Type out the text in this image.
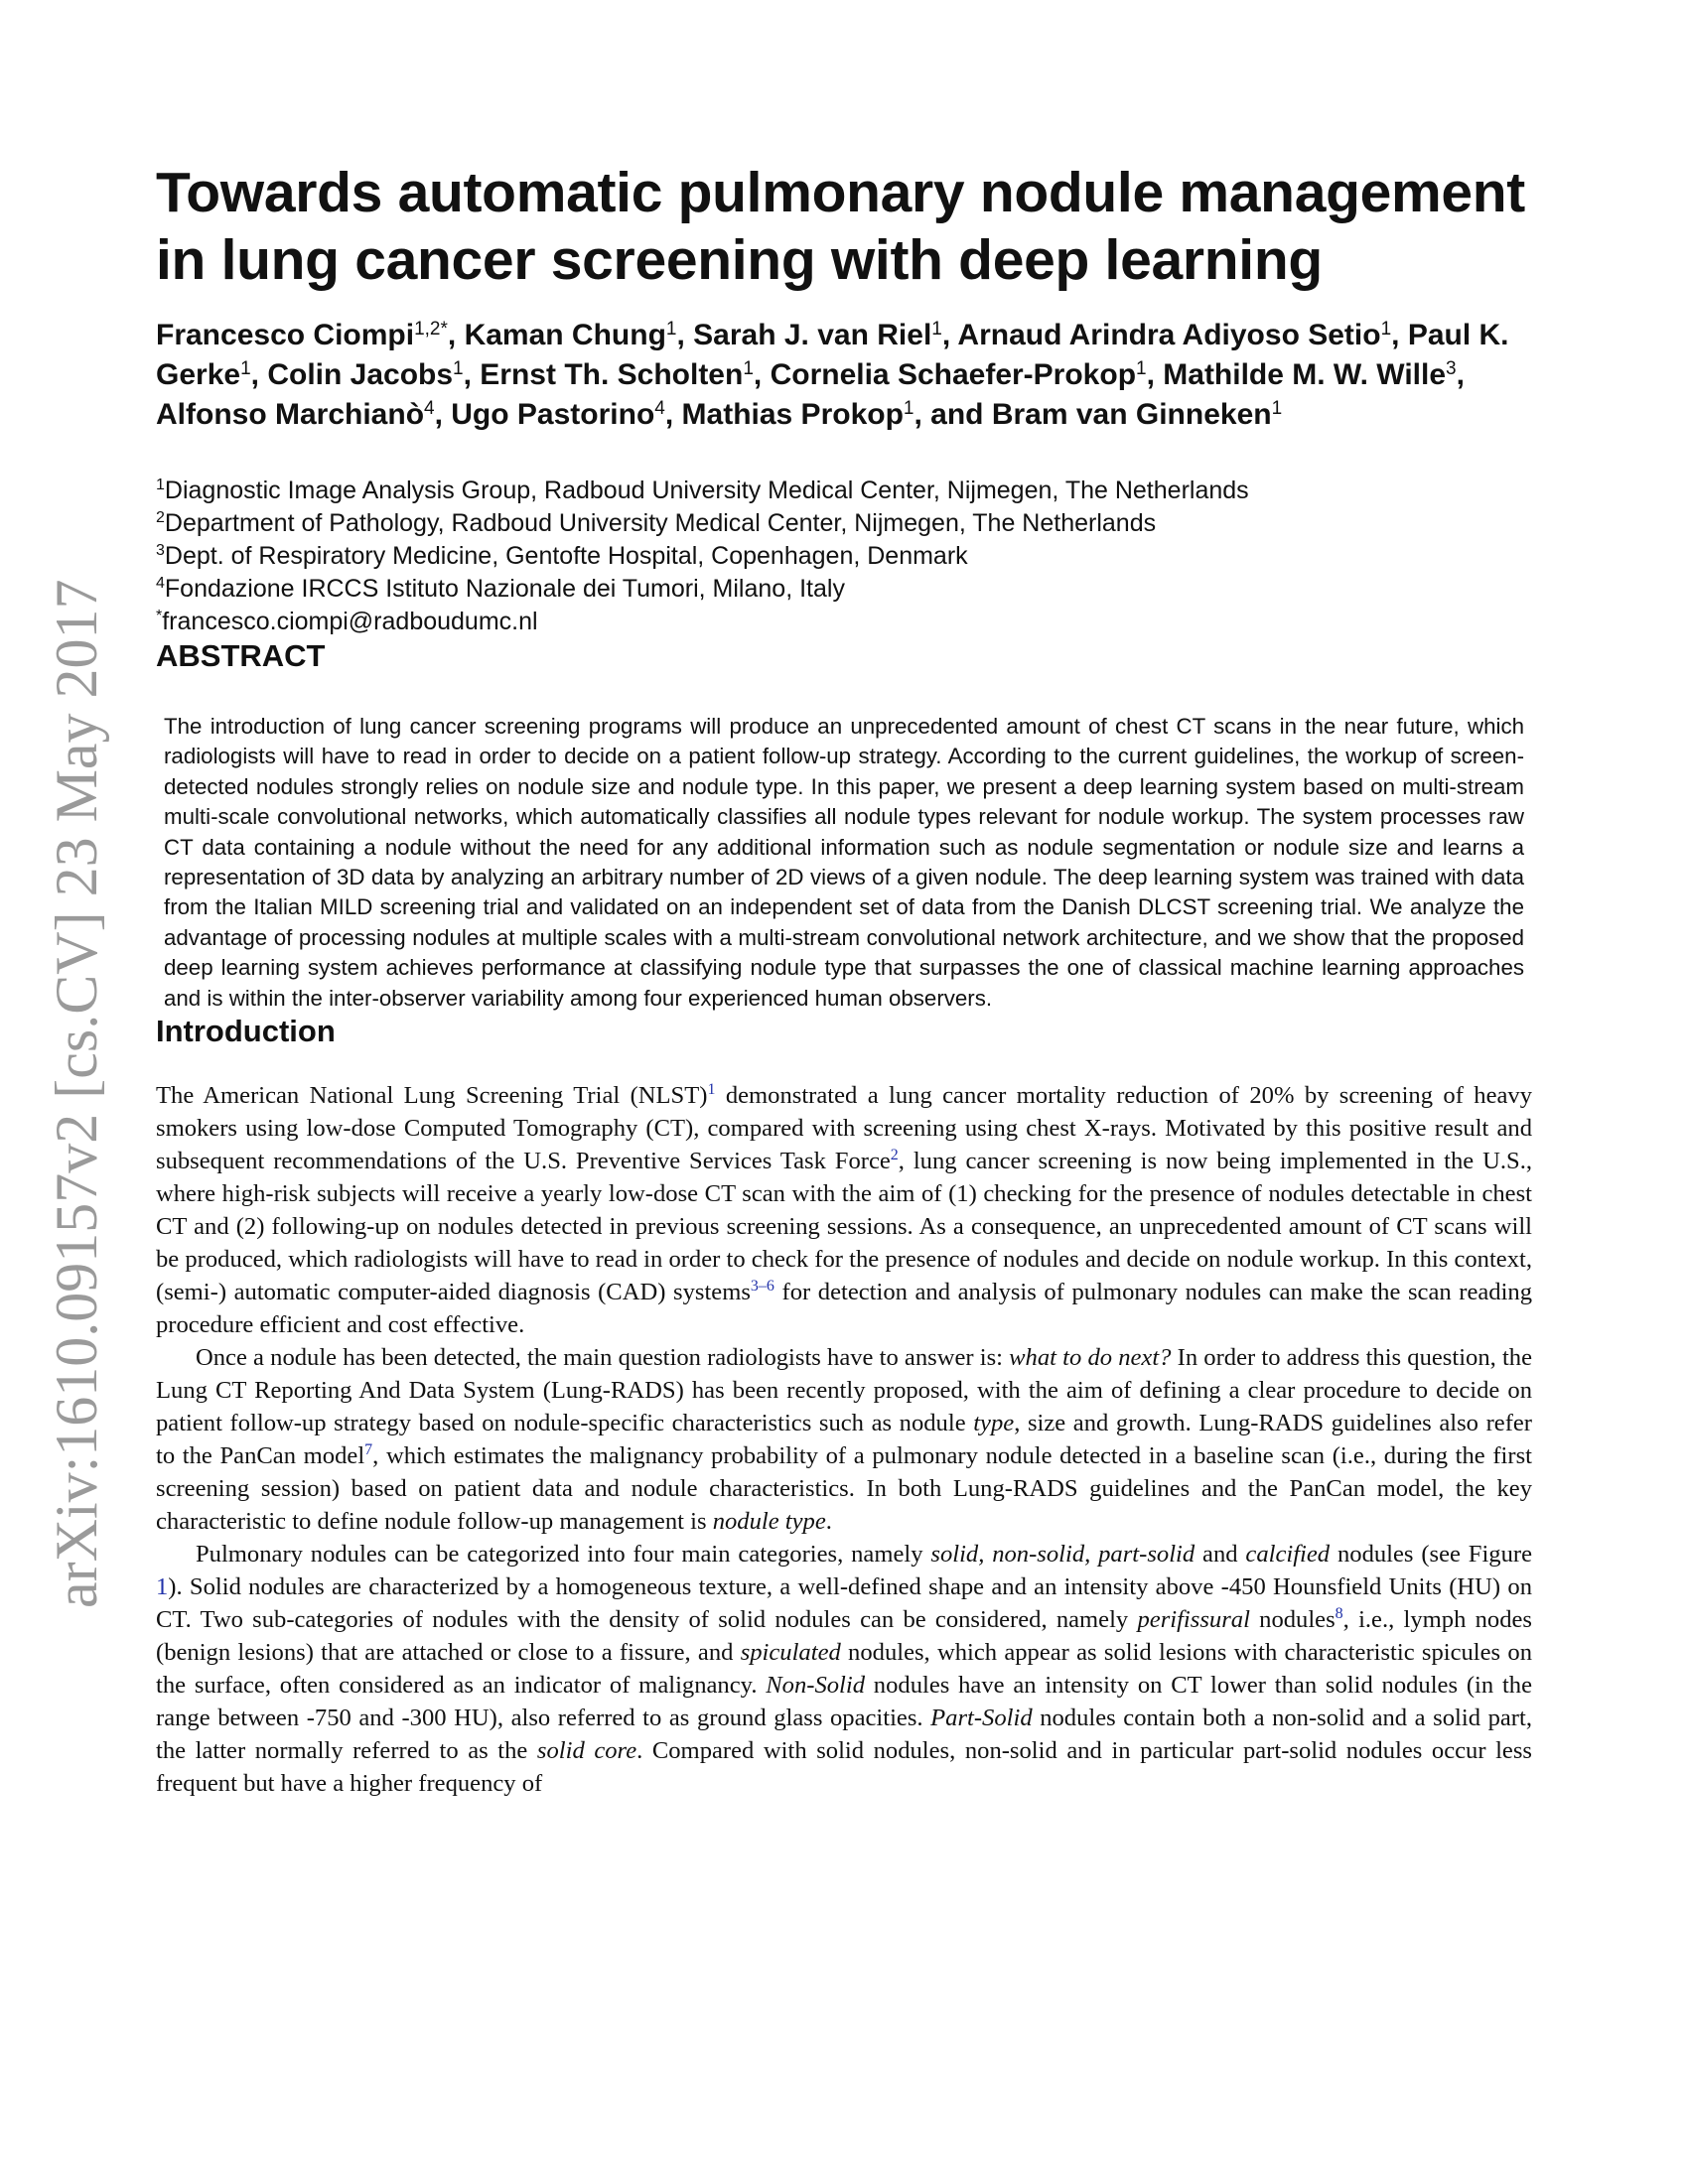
arXiv:1610.09157v2 [cs.CV] 23 May 2017
Towards automatic pulmonary nodule management in lung cancer screening with deep learning
Francesco Ciompi$^{1,2*}$, Kaman Chung$^1$, Sarah J. van Riel$^1$, Arnaud Arindra Adiyoso Setio$^1$, Paul K. Gerke$^1$, Colin Jacobs$^1$, Ernst Th. Scholten$^1$, Cornelia Schaefer-Prokop$^1$, Mathilde M. W. Wille$^3$, Alfonso Marchianò$^4$, Ugo Pastorino$^4$, Mathias Prokop$^1$, and Bram van Ginneken$^1$
$^1$Diagnostic Image Analysis Group, Radboud University Medical Center, Nijmegen, The Netherlands
$^2$Department of Pathology, Radboud University Medical Center, Nijmegen, The Netherlands
$^3$Dept. of Respiratory Medicine, Gentofte Hospital, Copenhagen, Denmark
$^4$Fondazione IRCCS Istituto Nazionale dei Tumori, Milano, Italy
*francesco.ciompi@radboudumc.nl
ABSTRACT
The introduction of lung cancer screening programs will produce an unprecedented amount of chest CT scans in the near future, which radiologists will have to read in order to decide on a patient follow-up strategy. According to the current guidelines, the workup of screen-detected nodules strongly relies on nodule size and nodule type. In this paper, we present a deep learning system based on multi-stream multi-scale convolutional networks, which automatically classifies all nodule types relevant for nodule workup. The system processes raw CT data containing a nodule without the need for any additional information such as nodule segmentation or nodule size and learns a representation of 3D data by analyzing an arbitrary number of 2D views of a given nodule. The deep learning system was trained with data from the Italian MILD screening trial and validated on an independent set of data from the Danish DLCST screening trial. We analyze the advantage of processing nodules at multiple scales with a multi-stream convolutional network architecture, and we show that the proposed deep learning system achieves performance at classifying nodule type that surpasses the one of classical machine learning approaches and is within the inter-observer variability among four experienced human observers.
Introduction

The American National Lung Screening Trial (NLST)$^1$ demonstrated a lung cancer mortality reduction of 20% by screening of heavy smokers using low-dose Computed Tomography (CT), compared with screening using chest X-rays. Motivated by this positive result and subsequent recommendations of the U.S. Preventive Services Task Force$^2$, lung cancer screening is now being implemented in the U.S., where high-risk subjects will receive a yearly low-dose CT scan with the aim of (1) checking for the presence of nodules detectable in chest CT and (2) following-up on nodules detected in previous screening sessions. As a consequence, an unprecedented amount of CT scans will be produced, which radiologists will have to read in order to check for the presence of nodules and decide on nodule workup. In this context, (semi-) automatic computer-aided diagnosis (CAD) systems$^{3-6}$ for detection and analysis of pulmonary nodules can make the scan reading procedure efficient and cost effective.

Once a nodule has been detected, the main question radiologists have to answer is: what to do next? In order to address this question, the Lung CT Reporting And Data System (Lung-RADS) has been recently proposed, with the aim of defining a clear procedure to decide on patient follow-up strategy based on nodule-specific characteristics such as nodule type, size and growth. Lung-RADS guidelines also refer to the PanCan model$^7$, which estimates the malignancy probability of a pulmonary nodule detected in a baseline scan (i.e., during the first screening session) based on patient data and nodule characteristics. In both Lung-RADS guidelines and the PanCan model, the key characteristic to define nodule follow-up management is nodule type.

Pulmonary nodules can be categorized into four main categories, namely solid, non-solid, part-solid and calcified nodules (see Figure 1). Solid nodules are characterized by a homogeneous texture, a well-defined shape and an intensity above -450 Hounsfield Units (HU) on CT. Two sub-categories of nodules with the density of solid nodules can be considered, namely perifissural nodules$^8$, i.e., lymph nodes (benign lesions) that are attached or close to a fissure, and spiculated nodules, which appear as solid lesions with characteristic spicules on the surface, often considered as an indicator of malignancy. Non-Solid nodules have an intensity on CT lower than solid nodules (in the range between -750 and -300 HU), also referred to as ground glass opacities. Part-Solid nodules contain both a non-solid and a solid part, the latter normally referred to as the solid core. Compared with solid nodules, non-solid and in particular part-solid nodules occur less frequent but have a higher frequency of
